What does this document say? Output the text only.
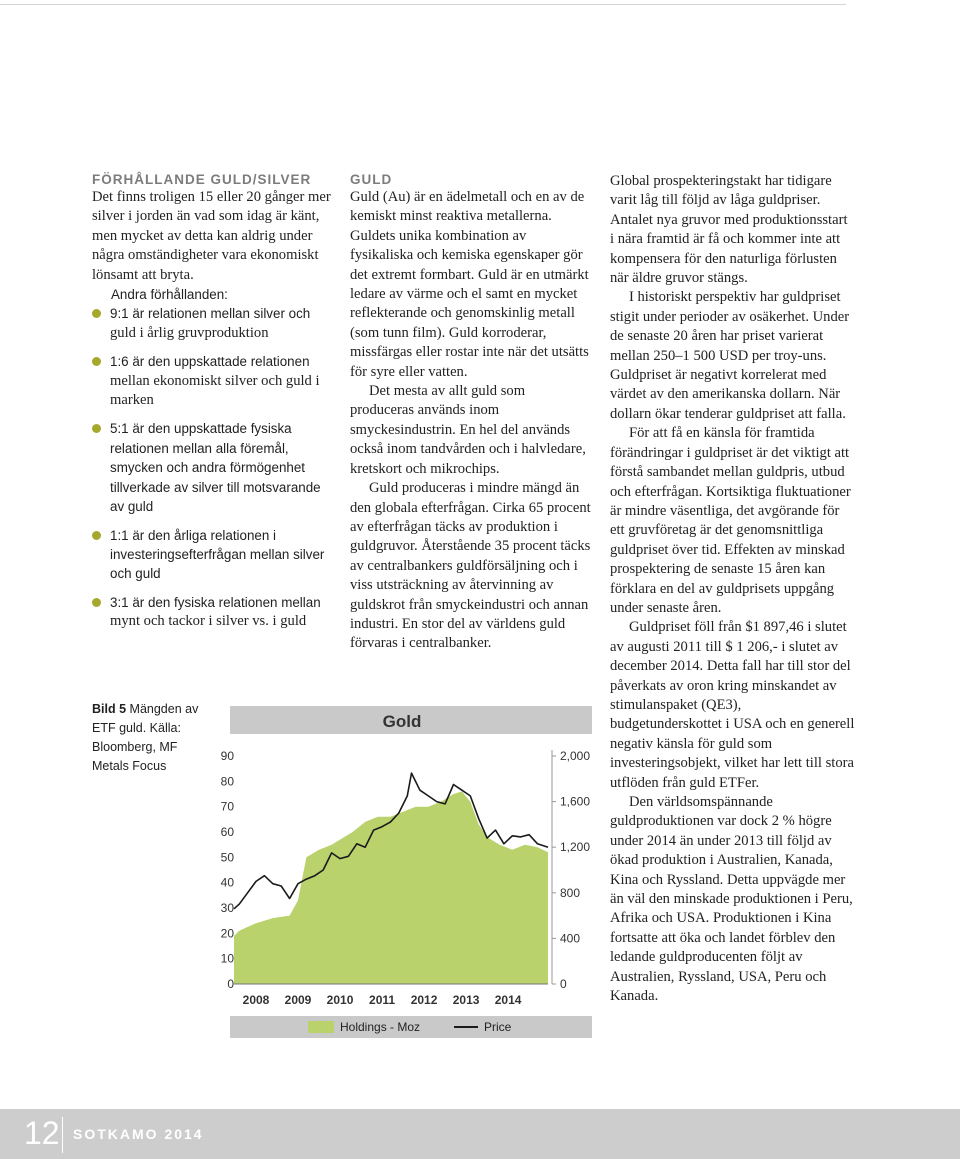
FÖRHÅLLANDE GULD/SILVER

Det finns troligen 15 eller 20 gånger mer silver i jorden än vad som idag är känt, men mycket av detta kan aldrig under några omständigheter vara ekonomiskt lönsamt att bryta.

Andra förhållanden:

9:1 är relationen mellan silver och guld i årlig gruvproduktion
1:6 är den uppskattade relationen mellan ekonomiskt silver och guld i marken
5:1 är den uppskattade fysiska relationen mellan alla föremål, smycken och andra förmögenhet tillverkade av silver till motsvarande av guld
1:1 är den årliga relationen i investeringsefterfrågan mellan silver och guld
3:1 är den fysiska relationen mellan mynt och tackor i silver vs. i guld
Bild 5 Mängden av ETF guld. Källa: Bloomberg, MF Metals Focus
Gold
2008 2009 2010 2011 2012 2013 2014
0
10
20
30
40
50
60
70
80
90
0
400
800
1,200
1,600
2,000
Holdings - Moz	Price
GULD

Guld (Au) är en ädelmetall och en av de kemiskt minst reaktiva metallerna. Guldets unika kombination av fysikaliska och kemiska egenskaper gör det extremt formbart. Guld är en utmärkt ledare av värme och el samt en mycket reflekterande och genomskinlig metall (som tunn film). Guld korroderar, missfärgas eller rostar inte när det utsätts för syre eller vatten.

Det mesta av allt guld som produceras används inom smyckesindustrin. En hel del används också inom tandvården och i halvledare, kretskort och mikrochips.

Guld produceras i mindre mängd än den globala efterfrågan. Cirka 65 procent av efterfrågan täcks av produktion i guldgruvor. Återstående 35 procent täcks av centralbankers guldförsäljning och i viss utsträckning av återvinning av guldskrot från smyckeindustri och annan industri. En stor del av världens guld förvaras i centralbanker.

Global prospekteringstakt har tidigare varit låg till följd av låga guldpriser. Antalet nya gruvor med produktionsstart i nära framtid är få och kommer inte att kompensera för den naturliga förlusten när äldre gruvor stängs.

I historiskt perspektiv har guldpriset stigit under perioder av osäkerhet. Under de senaste 20 åren har priset varierat mellan 250–1 500 USD per troy-uns. Guldpriset är negativt korrelerat med värdet av den amerikanska dollarn. När dollarn ökar tenderar guldpriset att falla.

För att få en känsla för framtida förändringar i guldpriset är det viktigt att förstå sambandet mellan guldpris, utbud och efterfrågan. Kortsiktiga fluktuationer är mindre väsentliga, det avgörande för ett gruvföretag är det genomsnittliga guldpriset över tid. Effekten av minskad prospektering de senaste 15 åren kan förklara en del av guldprisets uppgång under senaste åren.

Guldpriset föll från $1 897,46 i slutet av augusti 2011 till $ 1 206,- i slutet av december 2014. Detta fall har till stor del påverkats av oron kring minskandet av stimulanspaket (QE3), budgetunderskottet i USA och en generell negativ känsla för guld som investeringsobjekt, vilket har lett till stora utflöden från guld ETFer.

Den världsomspännande guldproduktionen var dock 2 % högre under 2014 än under 2013 till följd av ökad produktion i Australien, Kanada, Kina och Ryssland. Detta uppvägde mer än väl den minskade produktionen i Peru, Afrika och USA. Produktionen i Kina fortsatte att öka och landet förblev den ledande guldproducenten följt av Australien, Ryssland, USA, Peru och Kanada.

12 SOTKAMO 2014
